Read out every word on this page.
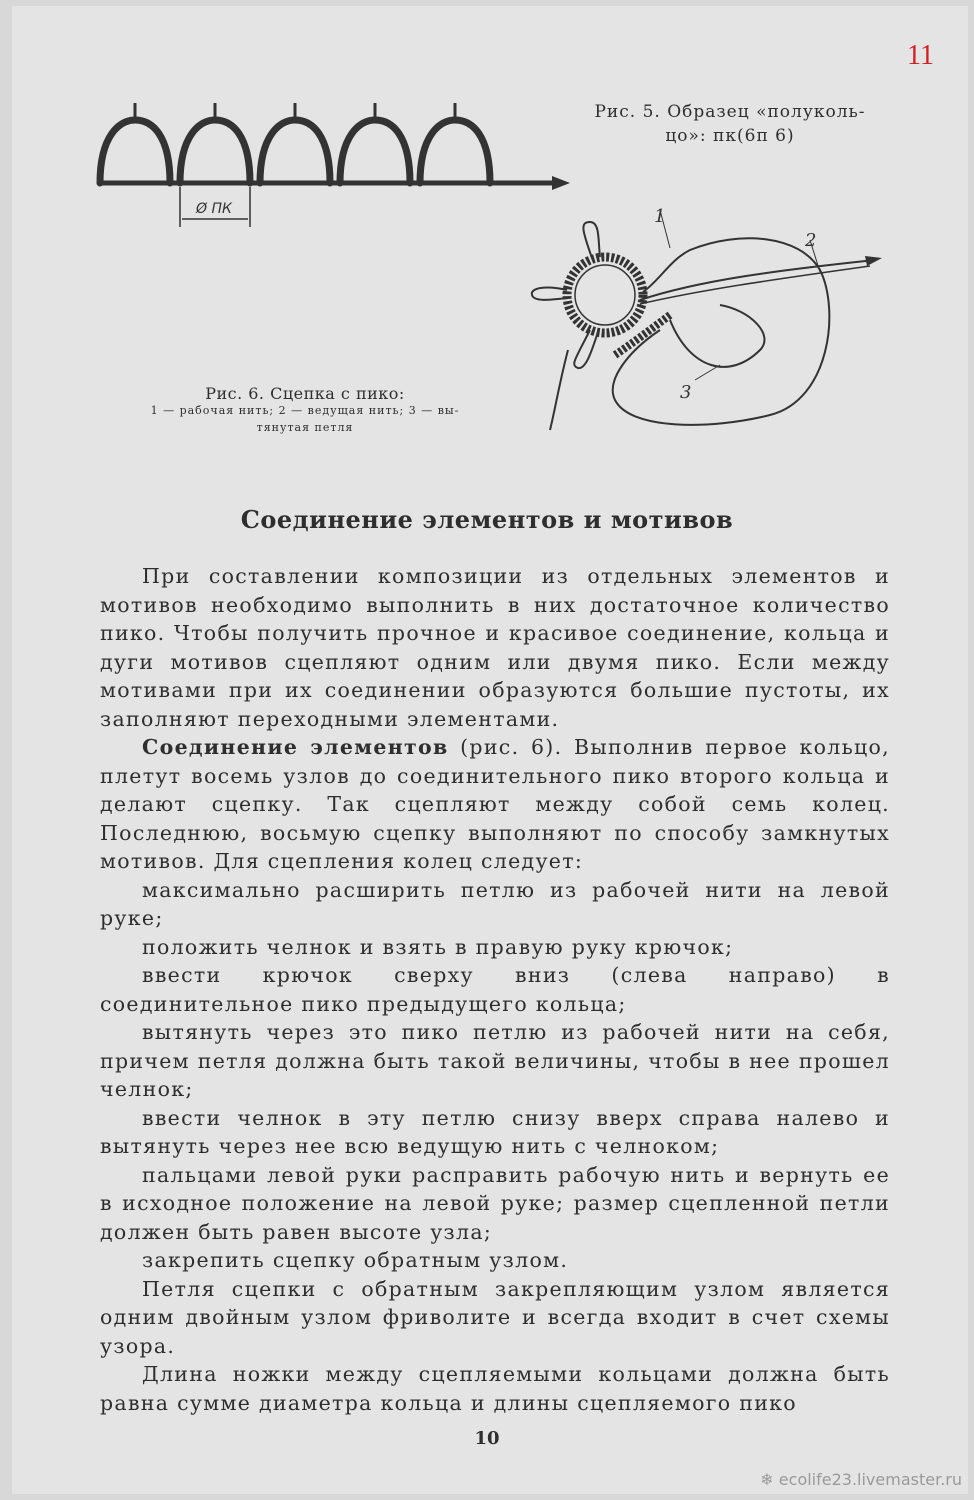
11
Ø ПК
Рис. 5. Образец «полуколь-
цо»: пк(6п 6)
1
2
3
Рис. 6. Сцепка с пико:
1 — рабочая нить; 2 — ведущая нить; 3 — вы-
тянутая петля
Соединение элементов и мотивов

При составлении композиции из отдельных элементов и мотивов необходимо выполнить в них достаточное количество пико. Чтобы получить прочное и красивое соединение, кольца и дуги мотивов сцепляют одним или двумя пико. Если между мотивами при их соединении образуются большие пустоты, их заполняют переходными элементами.

Соединение элементов (рис. 6). Выполнив первое кольцо, плетут восемь узлов до соединительного пико второго кольца и делают сцепку. Так сцепляют между собой семь колец. Последнюю, восьмую сцепку выполняют по способу замкнутых мотивов. Для сцепления колец следует:

максимально расширить петлю из рабочей нити на левой руке;

положить челнок и взять в правую руку крючок;

ввести крючок сверху вниз (слева направо) в соединительное пико предыдущего кольца;

вытянуть через это пико петлю из рабочей нити на себя, причем петля должна быть такой величины, чтобы в нее прошел челнок;

ввести челнок в эту петлю снизу вверх справа налево и вытянуть через нее всю ведущую нить с челноком;

пальцами левой руки расправить рабочую нить и вернуть ее в исходное положение на левой руке; размер сцепленной петли должен быть равен высоте узла;

закрепить сцепку обратным узлом.

Петля сцепки с обратным закрепляющим узлом является одним двойным узлом фриволите и всегда входит в счет схемы узора.

Длина ножки между сцепляемыми кольцами должна быть равна сумме диаметра кольца и длины сцепляемого пико

10
❄ ecolife23.livemaster.ru
